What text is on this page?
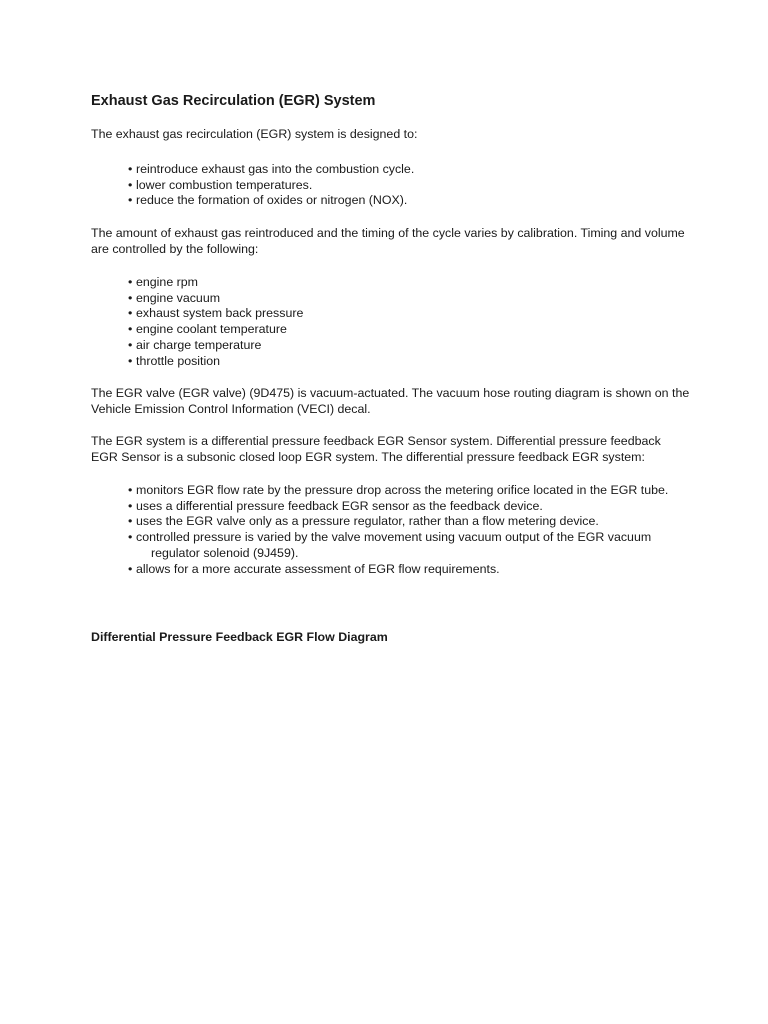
Exhaust Gas Recirculation (EGR) System

The exhaust gas recirculation (EGR) system is designed to:

• reintroduce exhaust gas into the combustion cycle.
• lower combustion temperatures.
• reduce the formation of oxides or nitrogen (NOX).

The amount of exhaust gas reintroduced and the timing of the cycle varies by calibration. Timing and volume are controlled by the following:

• engine rpm
• engine vacuum
• exhaust system back pressure
• engine coolant temperature
• air charge temperature
• throttle position

The EGR valve (EGR valve) (9D475) is vacuum-actuated. The vacuum hose routing diagram is shown on the Vehicle Emission Control Information (VECI) decal.

The EGR system is a differential pressure feedback EGR Sensor system. Differential pressure feedback EGR Sensor is a subsonic closed loop EGR system. The differential pressure feedback EGR system:

• monitors EGR flow rate by the pressure drop across the metering orifice located in the EGR tube.
• uses a differential pressure feedback EGR sensor as the feedback device.
• uses the EGR valve only as a pressure regulator, rather than a flow metering device.
• controlled pressure is varied by the valve movement using vacuum output of the EGR vacuum regulator solenoid (9J459).
• allows for a more accurate assessment of EGR flow requirements.
Differential Pressure Feedback EGR Flow Diagram
